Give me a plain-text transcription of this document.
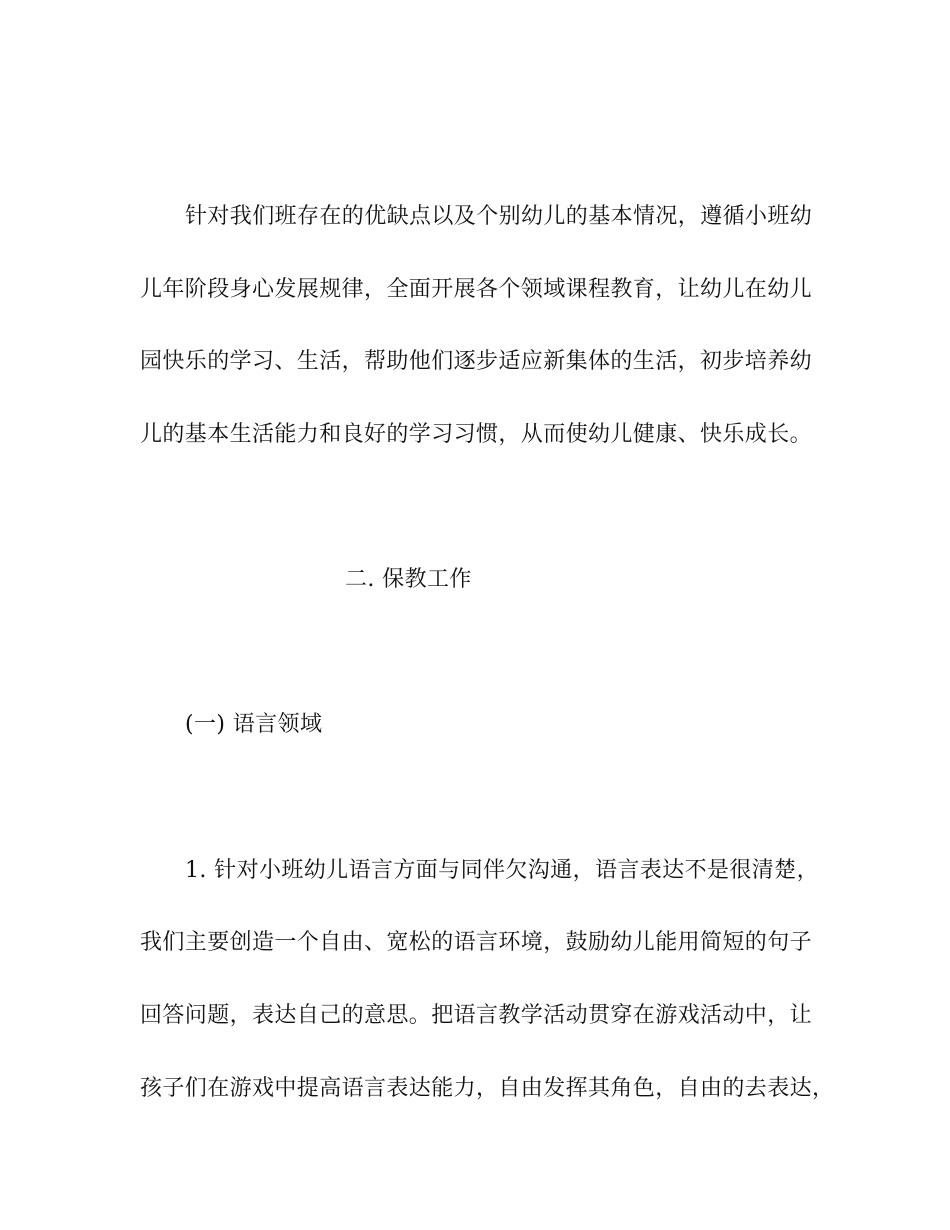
针对我们班存在的优缺点以及个别幼儿的基本情况，遵循小班幼
儿年阶段身心发展规律，全面开展各个领域课程教育，让幼儿在幼儿
园快乐的学习、生活，帮助他们逐步适应新集体的生活，初步培养幼
儿的基本生活能力和良好的学习习惯，从而使幼儿健康、快乐成长。
二. 保教工作
(一) 语言领域
1. 针对小班幼儿语言方面与同伴欠沟通，语言表达不是很清楚，
我们主要创造一个自由、宽松的语言环境，鼓励幼儿能用简短的句子
回答问题，表达自己的意思。把语言教学活动贯穿在游戏活动中，让
孩子们在游戏中提高语言表达能力，自由发挥其角色，自由的去表达，
